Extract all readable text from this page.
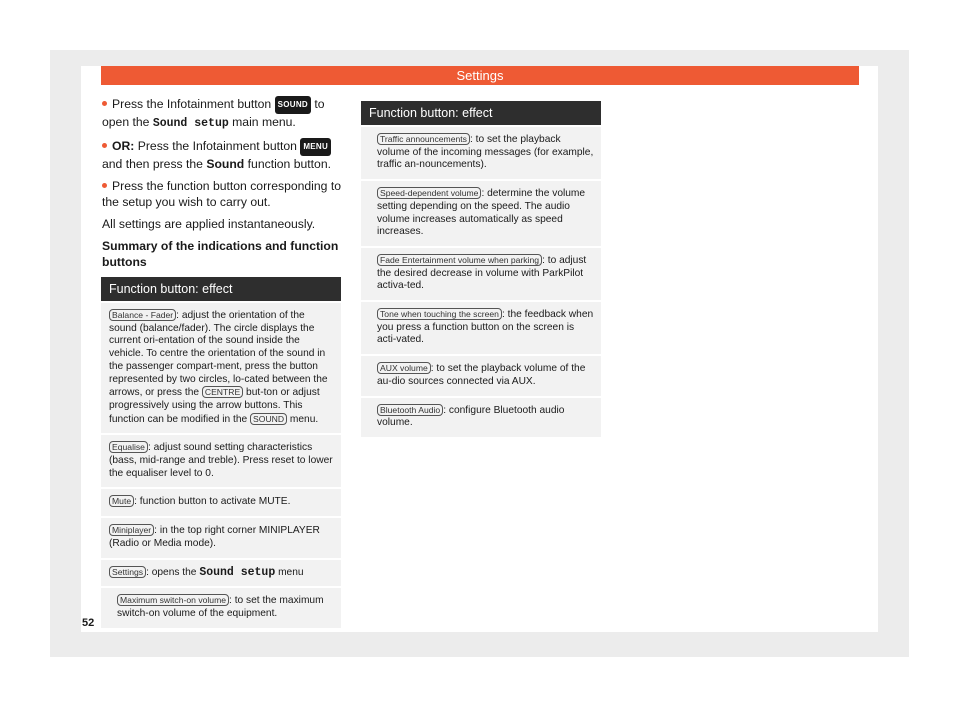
Settings

Press the Infotainment button SOUND to open the Sound setup main menu.

OR: Press the Infotainment button MENU and then press the Sound function button.

Press the function button corresponding to the setup you wish to carry out.

All settings are applied instantaneously.

Summary of the indications and function buttons
Function button: effect
Balance - Fader : adjust the orientation of the sound (balance/fader). The circle displays the current ori-entation of the sound inside the vehicle. To centre the orientation of the sound in the passenger compart-ment, press the button represented by two circles, lo-cated between the arrows, or press the CENTRE but-ton or adjust progressively using the arrow buttons. This function can be modified in the SOUND menu.
Equalise : adjust sound setting characteristics (bass, mid-range and treble). Press reset to lower the equaliser level to 0.
Mute : function button to activate MUTE.
Miniplayer : in the top right corner MINIPLAYER (Radio or Media mode).
Settings : opens the Sound setup menu
Maximum switch-on volume : to set the maximum switch-on volume of the equipment.
Function button: effect
Traffic announcements : to set the playback volume of the incoming messages (for example, traffic an-nouncements).
Speed-dependent volume : determine the volume setting depending on the speed. The audio volume increases automatically as speed increases.
Fade Entertainment volume when parking : to adjust the desired decrease in volume with ParkPilot activa-ted.
Tone when touching the screen : the feedback when you press a function button on the screen is acti-vated.
AUX volume : to set the playback volume of the au-dio sources connected via AUX.
Bluetooth Audio : configure Bluetooth audio volume.
52
